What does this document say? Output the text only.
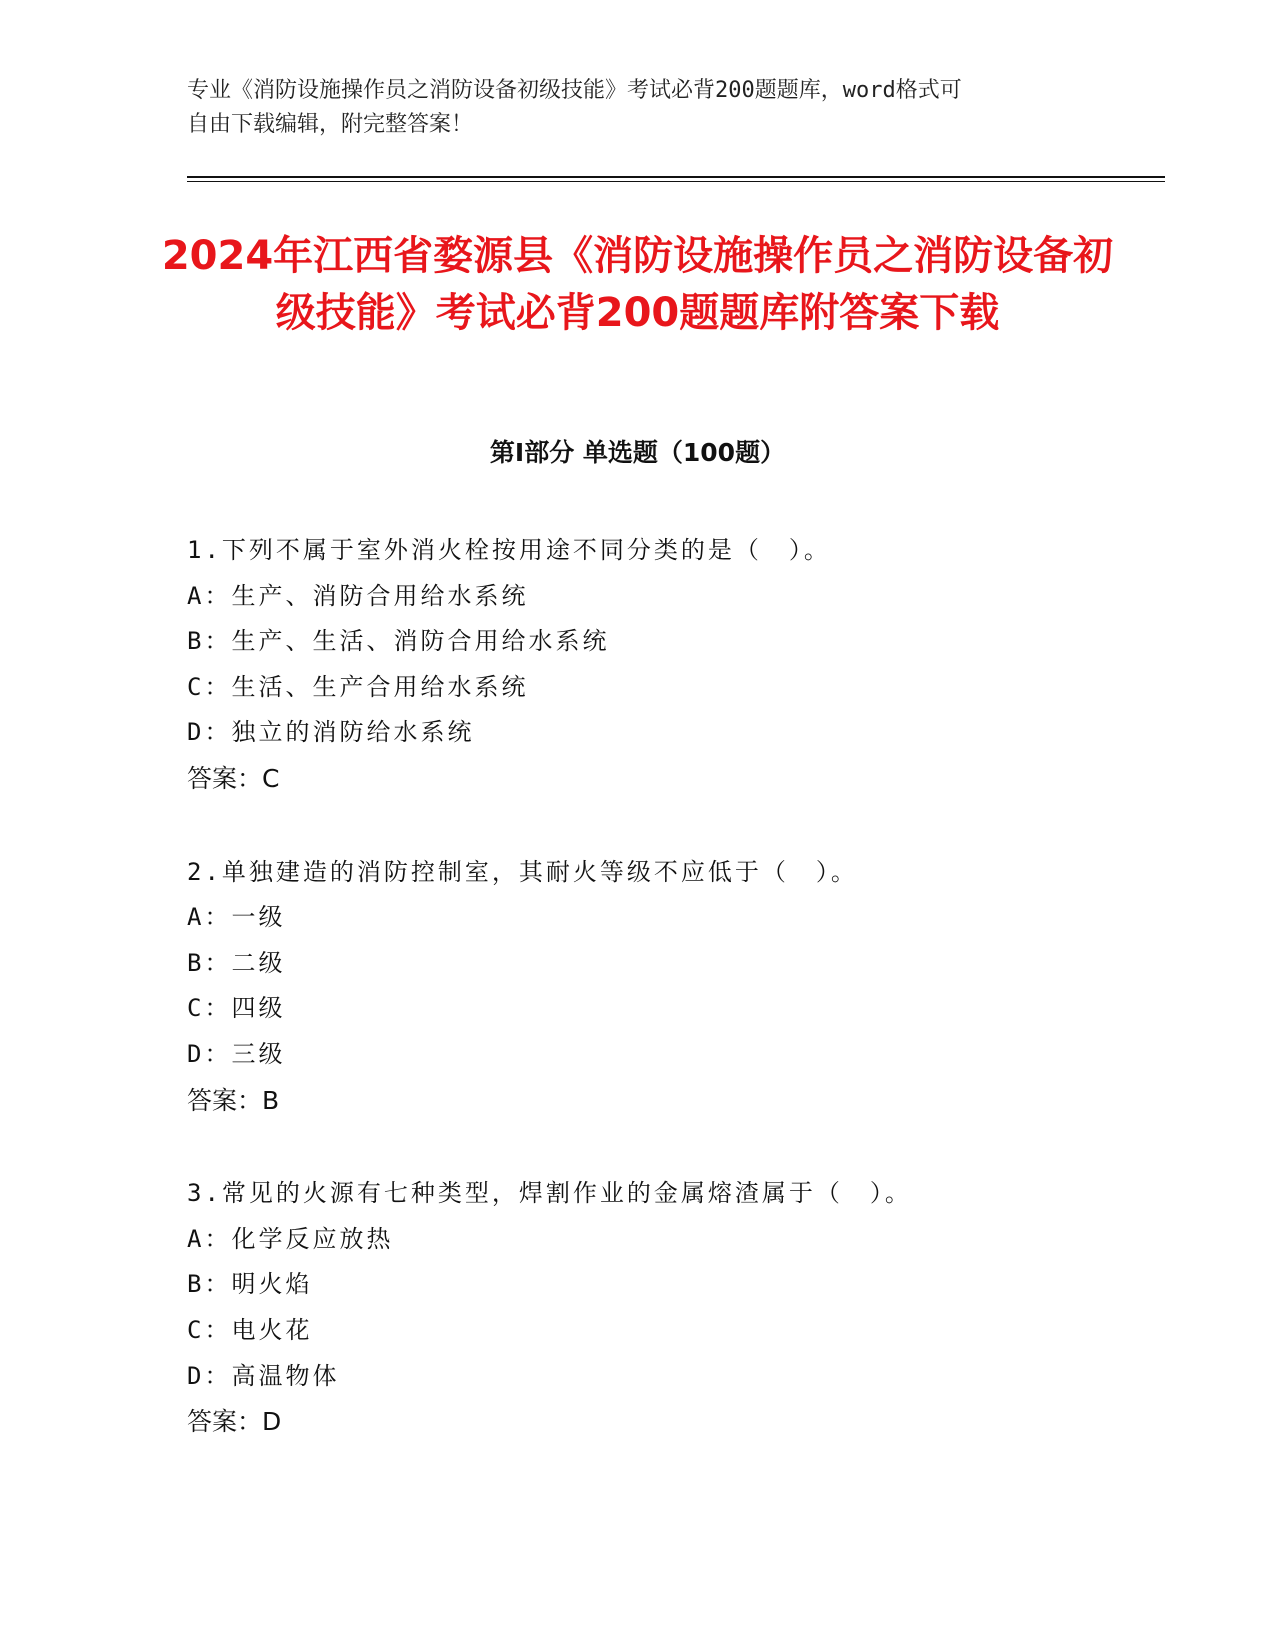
专业《消防设施操作员之消防设备初级技能》考试必背200题题库，word格式可
自由下载编辑，附完整答案！
2024年江西省婺源县《消防设施操作员之消防设备初级技能》考试必背200题题库附答案下载
第Ⅰ部分 单选题（100题）
1.下列不属于室外消火栓按用途不同分类的是（　）。
A：生产、消防合用给水系统
B：生产、生活、消防合用给水系统
C：生活、生产合用给水系统
D：独立的消防给水系统
答案：C
2.单独建造的消防控制室，其耐火等级不应低于（　）。
A：一级
B：二级
C：四级
D：三级
答案：B
3.常见的火源有七种类型，焊割作业的金属熔渣属于（　）。
A：化学反应放热
B：明火焰
C：电火花
D：高温物体
答案：D
